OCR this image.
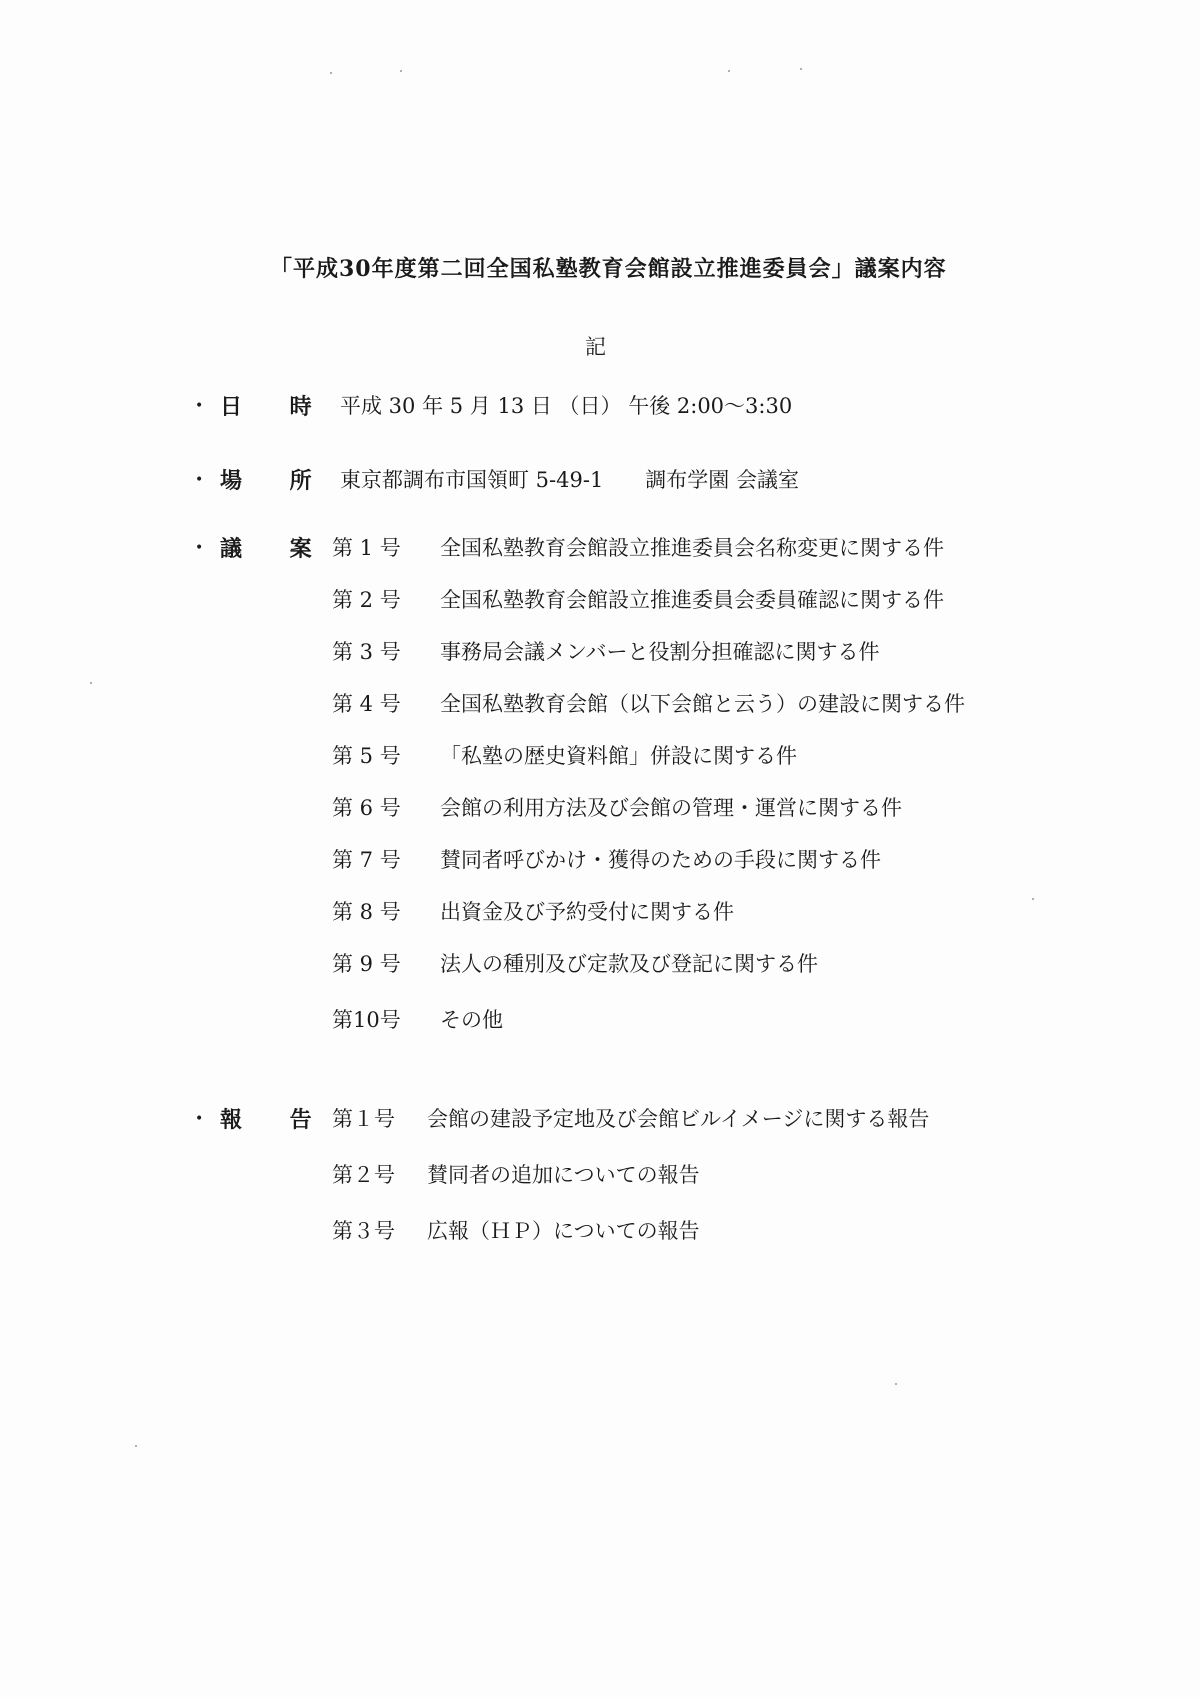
「平成30年度第二回全国私塾教育会館設立推進委員会」議案内容
記
• 日 時 平成 30 年 5 月 13 日 （日） 午後 2:00〜3:30
• 場 所 東京都調布市国領町 5-49-1　　調布学園 会議室
• 議 案 第 1 号 全国私塾教育会館設立推進委員会名称変更に関する件
第 2 号 全国私塾教育会館設立推進委員会委員確認に関する件
第 3 号 事務局会議メンバーと役割分担確認に関する件
第 4 号 全国私塾教育会館（以下会館と云う）の建設に関する件
第 5 号 「私塾の歴史資料館」併設に関する件
第 6 号 会館の利用方法及び会館の管理・運営に関する件
第 7 号 賛同者呼びかけ・獲得のための手段に関する件
第 8 号 出資金及び予約受付に関する件
第 9 号 法人の種別及び定款及び登記に関する件
第10号 その他
• 報 告 第１号 会館の建設予定地及び会館ビルイメージに関する報告
第２号 賛同者の追加についての報告
第３号 広報（ＨＰ）についての報告
